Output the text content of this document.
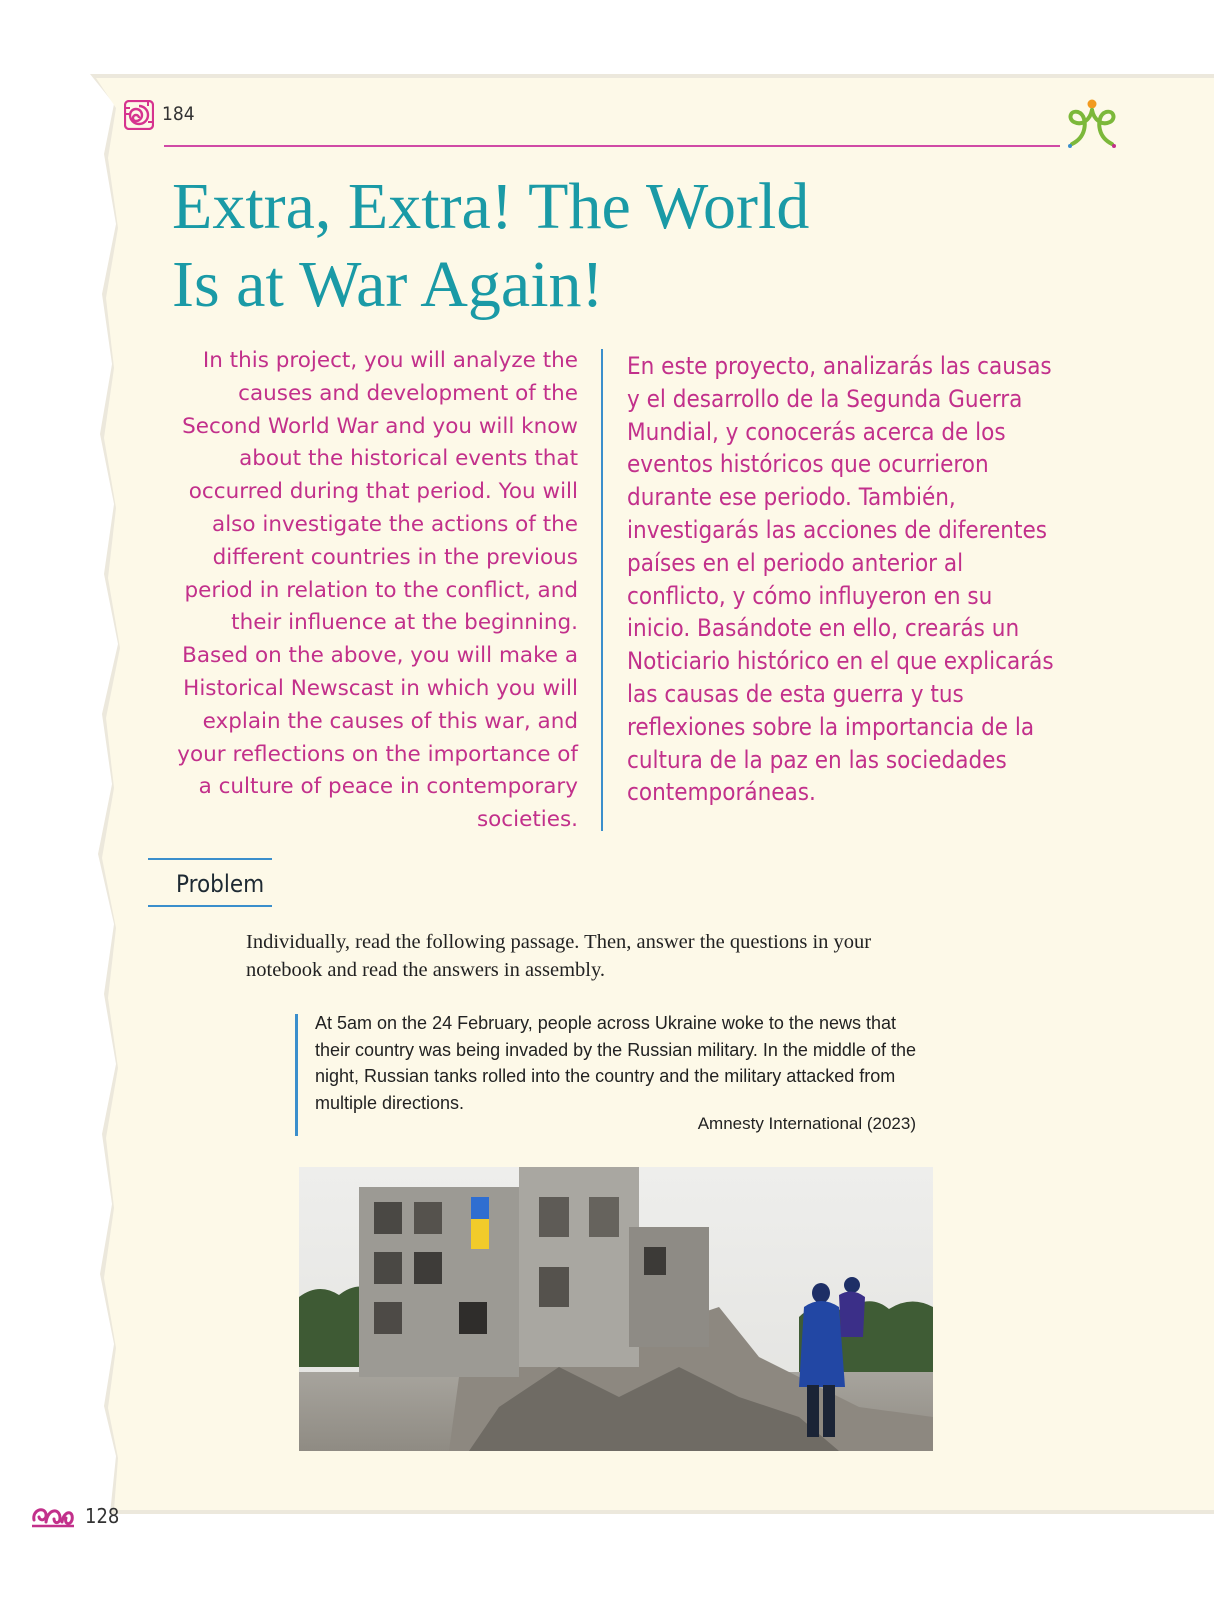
184
Extra, Extra! The World
Is at War Again!

In this project, you will analyze the causes and development of the Second World War and you will know about the historical events that occurred during that period. You will also investigate the actions of the different countries in the previous period in relation to the conflict, and their influence at the beginning. Based on the above, you will make a Historical Newscast in which you will explain the causes of this war, and your reflections on the importance of a culture of peace in contemporary societies.

En este proyecto, analizarás las causas y el desarrollo de la Segunda Guerra Mundial, y conocerás acerca de los eventos históricos que ocurrieron durante ese periodo. También, investigarás las acciones de diferentes países en el periodo anterior al conflicto, y cómo influyeron en su inicio. Basándote en ello, crearás un Noticiario histórico en el que explicarás las causas de esta guerra y tus reflexiones sobre la importancia de la cultura de la paz en las sociedades contemporáneas.

Problem

Individually, read the following passage. Then, answer the questions in your notebook and read the answers in assembly.

At 5am on the 24 February, people across Ukraine woke to the news that their country was being invaded by the Russian military. In the middle of the night, Russian tanks rolled into the country and the military attacked from multiple directions.

Amnesty International (2023)
128
